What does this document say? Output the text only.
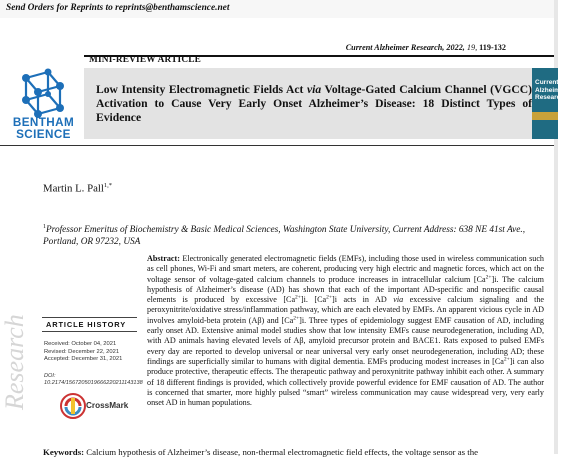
Send Orders for Reprints to reprints@benthamscience.net
Current Alzheimer Research, 2022, 19, 119-132
MINI-REVIEW ARTICLE
BENTHAM
SCIENCE
Low Intensity Electromagnetic Fields Act via Voltage-Gated Calcium Channel (VGCC) Activation to Cause Very Early Onset Alzheimer’s Disease: 18 Distinct Types of Evidence
Current
Alzheime
Research
Martin L. Pall$^{1,*}$
$^1$Professor Emeritus of Biochemistry & Basic Medical Sciences, Washington State University, Current Address: 638 NE 41st Ave., Portland, OR 97232, USA
ARTICLE HISTORY
Received: October 04, 2021
Revised: December 22, 2021
Accepted: December 31, 2021
DOI:
10.2174/1567205019666220211143138
CrossMark
Research
Abstract: Electronically generated electromagnetic fields (EMFs), including those used in wireless communication such as cell phones, Wi-Fi and smart meters, are coherent, producing very high electric and magnetic forces, which act on the voltage sensor of voltage-gated calcium channels to produce increases in intracellular calcium $[Ca^{2+}]i$. The calcium hypothesis of Alzheimer’s disease (AD) has shown that each of the important AD-specific and nonspecific causal elements is produced by excessive $[Ca^{2+}]i$. $[Ca^{2+}]i$ acts in AD via excessive calcium signaling and the peroxynitrite/oxidative stress/inflammation pathway, which are each elevated by EMFs. An apparent vicious cycle in AD involves amyloid-beta protein (Aβ) and $[Ca^{2+}]i$. Three types of epidemiology suggest EMF causation of AD, including early onset AD. Extensive animal model studies show that low intensity EMFs cause neurodegeneration, including AD, with AD animals having elevated levels of Aβ, amyloid precursor protein and BACE1. Rats exposed to pulsed EMFs every day are reported to develop universal or near universal very early onset neurodegeneration, including AD; these findings are superficially similar to humans with digital dementia. EMFs producing modest increases in $[Ca^{2+}]i$ can also produce protective, therapeutic effects. The therapeutic pathway and peroxynitrite pathway inhibit each other. A summary of 18 different findings is provided, which collectively provide powerful evidence for EMF causation of AD. The author is concerned that smarter, more highly pulsed “smart” wireless communication may cause widespread very, very early onset AD in human populations.
Keywords: Calcium hypothesis of Alzheimer’s disease, non-thermal electromagnetic field effects, the voltage sensor as the
